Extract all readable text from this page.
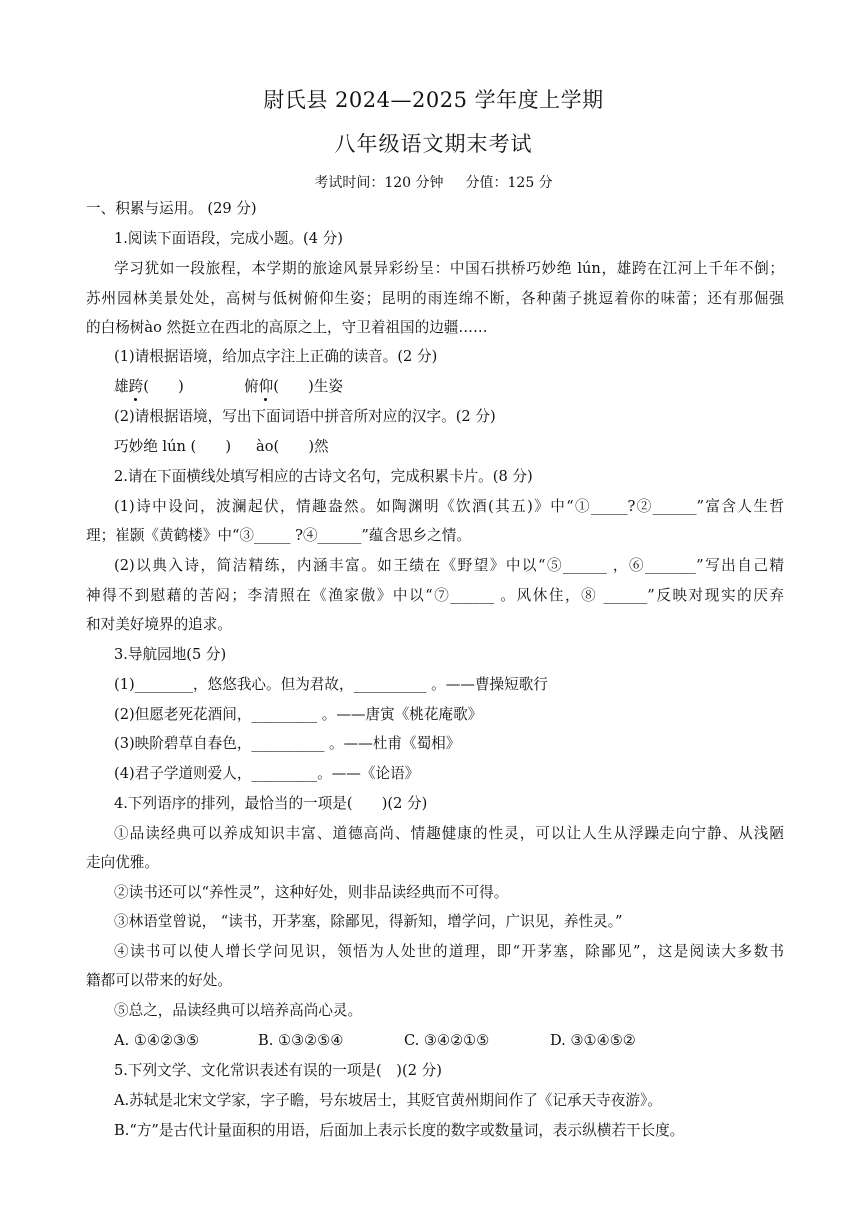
尉氏县 2024—2025 学年度上学期
八年级语文期末考试
考试时间：120 分钟 分值：125 分
一、积累与运用。 (29 分)
1.阅读下面语段，完成小题。(4 分)
学习犹如一段旅程，本学期的旅途风景异彩纷呈：中国石拱桥巧妙绝 lún，雄跨在江河上千年不倒；
苏州园林美景处处，高树与低树俯仰生姿；昆明的雨连绵不断，各种菌子挑逗着你的味蕾；还有那倔强
的白杨树ào 然挺立在西北的高原之上，守卫着祖国的边疆……
(1)请根据语境，给加点字注上正确的读音。(2 分)
雄跨(　　)	俯仰(　　)生姿
(2)请根据语境，写出下面词语中拼音所对应的汉字。(2 分)
巧妙绝 lún (　　) ào(　　)然
2.请在下面横线处填写相应的古诗文名句，完成积累卡片。(8 分)
(1)诗中设问，波澜起伏，情趣盎然。如陶渊明《饮酒(其五)》中“①_____?②______”富含人生哲
理；崔颢《黄鹤楼》中“③_____ ?④______”蕴含思乡之情。
(2)以典入诗，简洁精练，内涵丰富。如王绩在《野望》中以“⑤______ ，⑥_______”写出自己精
神得不到慰藉的苦闷；李清照在《渔家傲》中以“⑦______ 。风休住，⑧ ______”反映对现实的厌弃
和对美好境界的追求。
3.导航园地(5 分)
(1)________，悠悠我心。但为君故，__________ 。——曹操短歌行
(2)但愿老死花酒间，_________ 。——唐寅《桃花庵歌》
(3)映阶碧草自春色，__________ 。——杜甫《蜀相》
(4)君子学道则爱人，_________。——《论语》
4.下列语序的排列，最恰当的一项是(　　)(2 分)
①品读经典可以养成知识丰富、道德高尚、情趣健康的性灵，可以让人生从浮躁走向宁静、从浅陋
走向优雅。
②读书还可以“养性灵”，这种好处，则非品读经典而不可得。
③林语堂曾说， “读书，开茅塞，除鄙见，得新知，增学问，广识见，养性灵。”
④读书可以使人增长学问见识，领悟为人处世的道理，即“开茅塞，除鄙见”，这是阅读大多数书
籍都可以带来的好处。
⑤总之，品读经典可以培养高尚心灵。
A. ①④②③⑤	B. ①③②⑤④	C. ③④②①⑤	D. ③①④⑤②
5.下列文学、文化常识表述有误的一项是(　)(2 分)
A.苏轼是北宋文学家，字子瞻，号东坡居士，其贬官黄州期间作了《记承天寺夜游》。
B.“方”是古代计量面积的用语，后面加上表示长度的数字或数量词，表示纵横若干长度。
